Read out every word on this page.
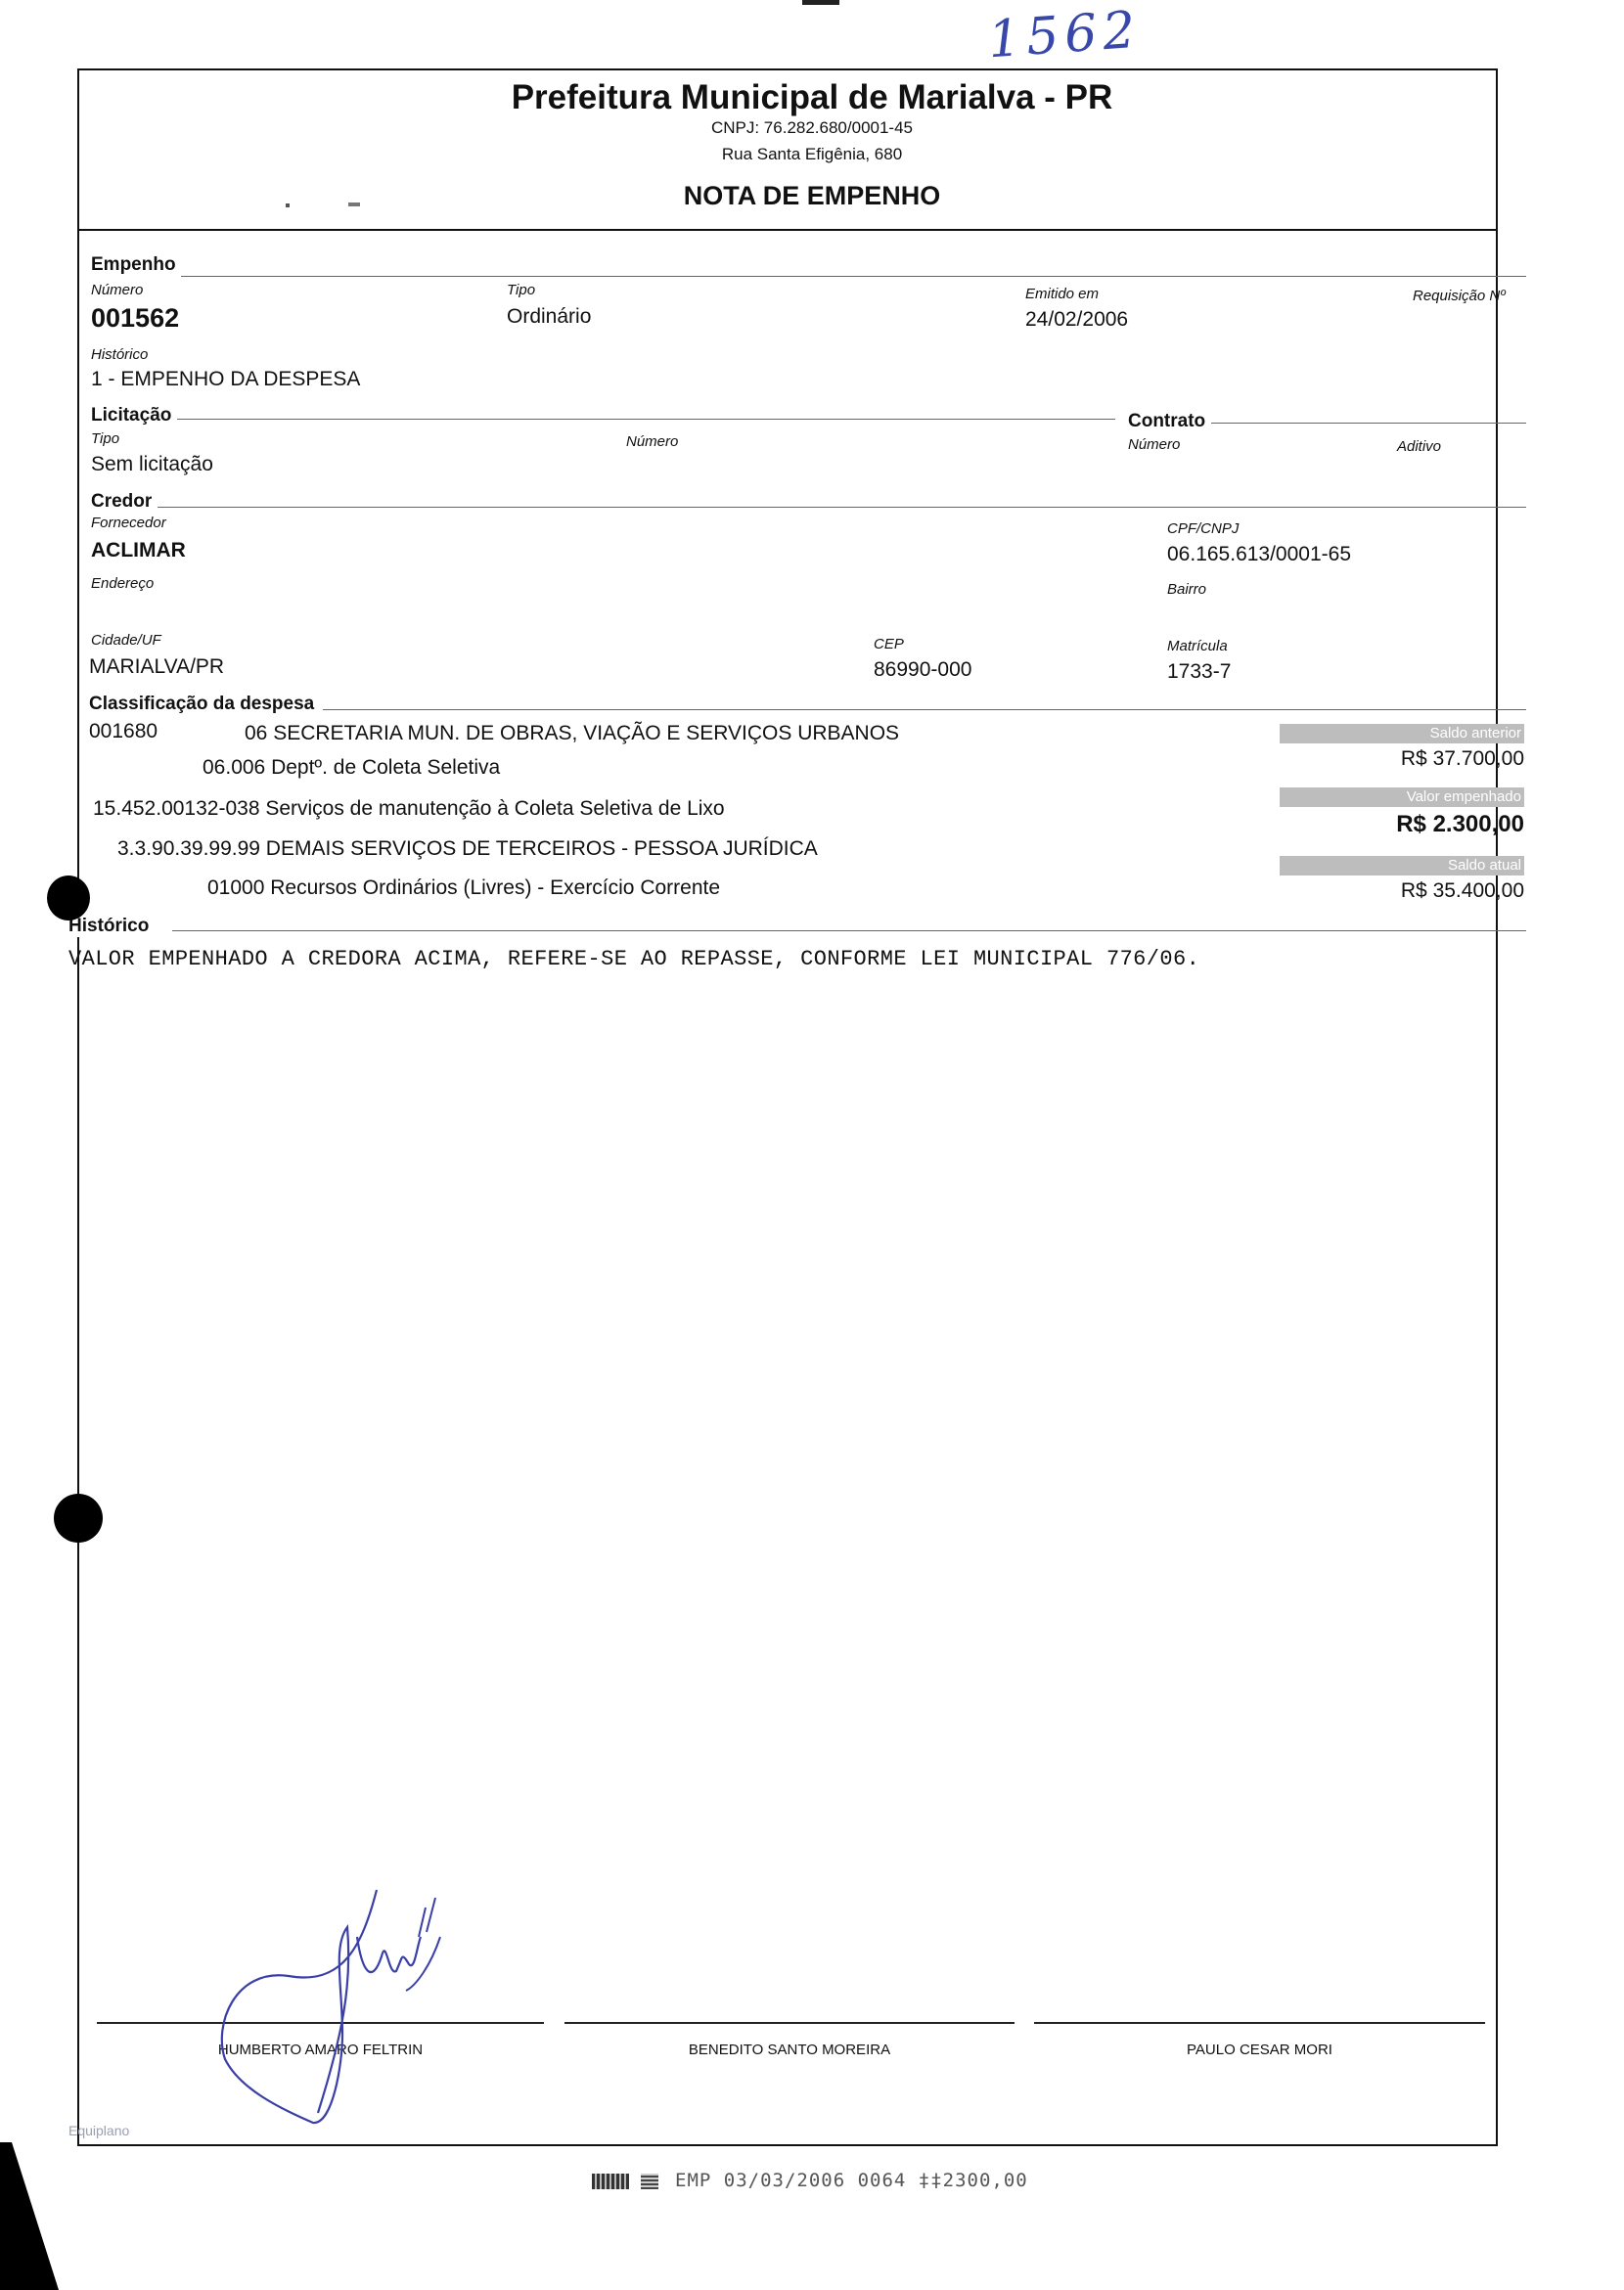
1562
Prefeitura Municipal de Marialva - PR
CNPJ: 76.282.680/0001-45
Rua Santa Efigênia, 680
NOTA DE EMPENHO
Empenho
Número
001562
Tipo
Ordinário
Emitido em
24/02/2006
Requisição Nº
Histórico
1 - EMPENHO DA DESPESA
Licitação	Contrato
Tipo
Sem licitação
Número	Número	Aditivo
Credor
Fornecedor
ACLIMAR
CPF/CNPJ
06.165.613/0001-65
Endereço	Bairro
Cidade/UF
MARIALVA/PR
CEP
86990-000
Matrícula
1733-7
Classificação da despesa
001680	06 SECRETARIA MUN. DE OBRAS, VIAÇÃO E SERVIÇOS URBANOS
06.006 Deptº. de Coleta Seletiva
15.452.00132-038 Serviços de manutenção à Coleta Seletiva de Lixo
3.3.90.39.99.99 DEMAIS SERVIÇOS DE TERCEIROS - PESSOA JURÍDICA
01000 Recursos Ordinários (Livres) - Exercício Corrente
Saldo anterior
R$ 37.700,00
Valor empenhado
R$ 2.300,00
Saldo atual
R$ 35.400,00
Histórico
VALOR EMPENHADO A CREDORA ACIMA, REFERE-SE AO REPASSE, CONFORME LEI MUNICIPAL 776/06.
HUMBERTO AMARO FELTRIN	BENEDITO SANTO MOREIRA	PAULO CESAR MORI
Equiplano
EMP 03/03/2006 0064 ‡‡2300,00
